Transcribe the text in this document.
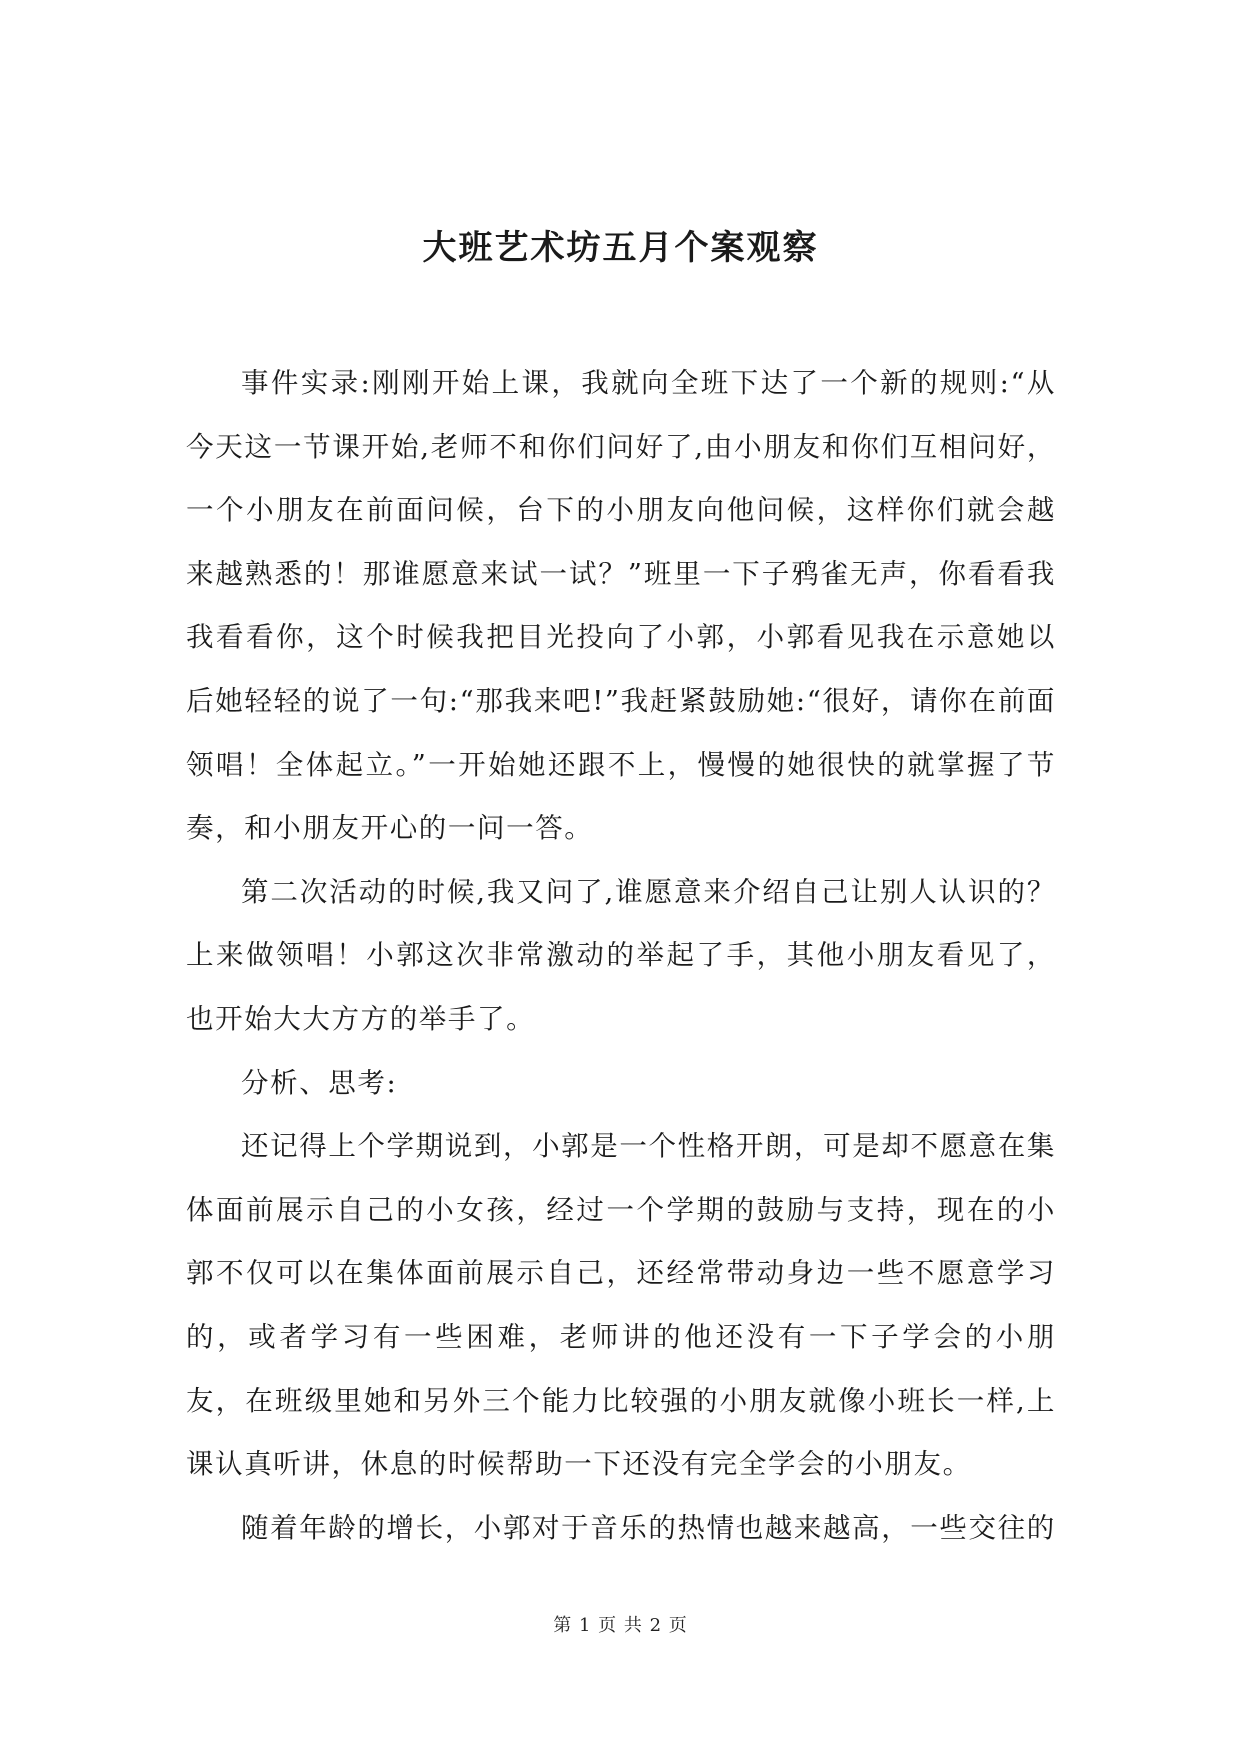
大班艺术坊五月个案观察

事件实录:刚刚开始上课，我就向全班下达了一个新的规则:“从今天这一节课开始,老师不和你们问好了,由小朋友和你们互相问好，一个小朋友在前面问候，台下的小朋友向他问候，这样你们就会越来越熟悉的！那谁愿意来试一试？”班里一下子鸦雀无声，你看看我我看看你，这个时候我把目光投向了小郭，小郭看见我在示意她以后她轻轻的说了一句:“那我来吧!”我赶紧鼓励她:“很好，请你在前面领唱！全体起立。”一开始她还跟不上，慢慢的她很快的就掌握了节奏，和小朋友开心的一问一答。

第二次活动的时候,我又问了,谁愿意来介绍自己让别人认识的？上来做领唱！小郭这次非常激动的举起了手，其他小朋友看见了，也开始大大方方的举手了。

分析、思考:

还记得上个学期说到，小郭是一个性格开朗，可是却不愿意在集体面前展示自己的小女孩，经过一个学期的鼓励与支持，现在的小郭不仅可以在集体面前展示自己，还经常带动身边一些不愿意学习的，或者学习有一些困难，老师讲的他还没有一下子学会的小朋友，在班级里她和另外三个能力比较强的小朋友就像小班长一样,上课认真听讲，休息的时候帮助一下还没有完全学会的小朋友。

随着年龄的增长，小郭对于音乐的热情也越来越高，一些交往的

第 1 页 共 2 页
